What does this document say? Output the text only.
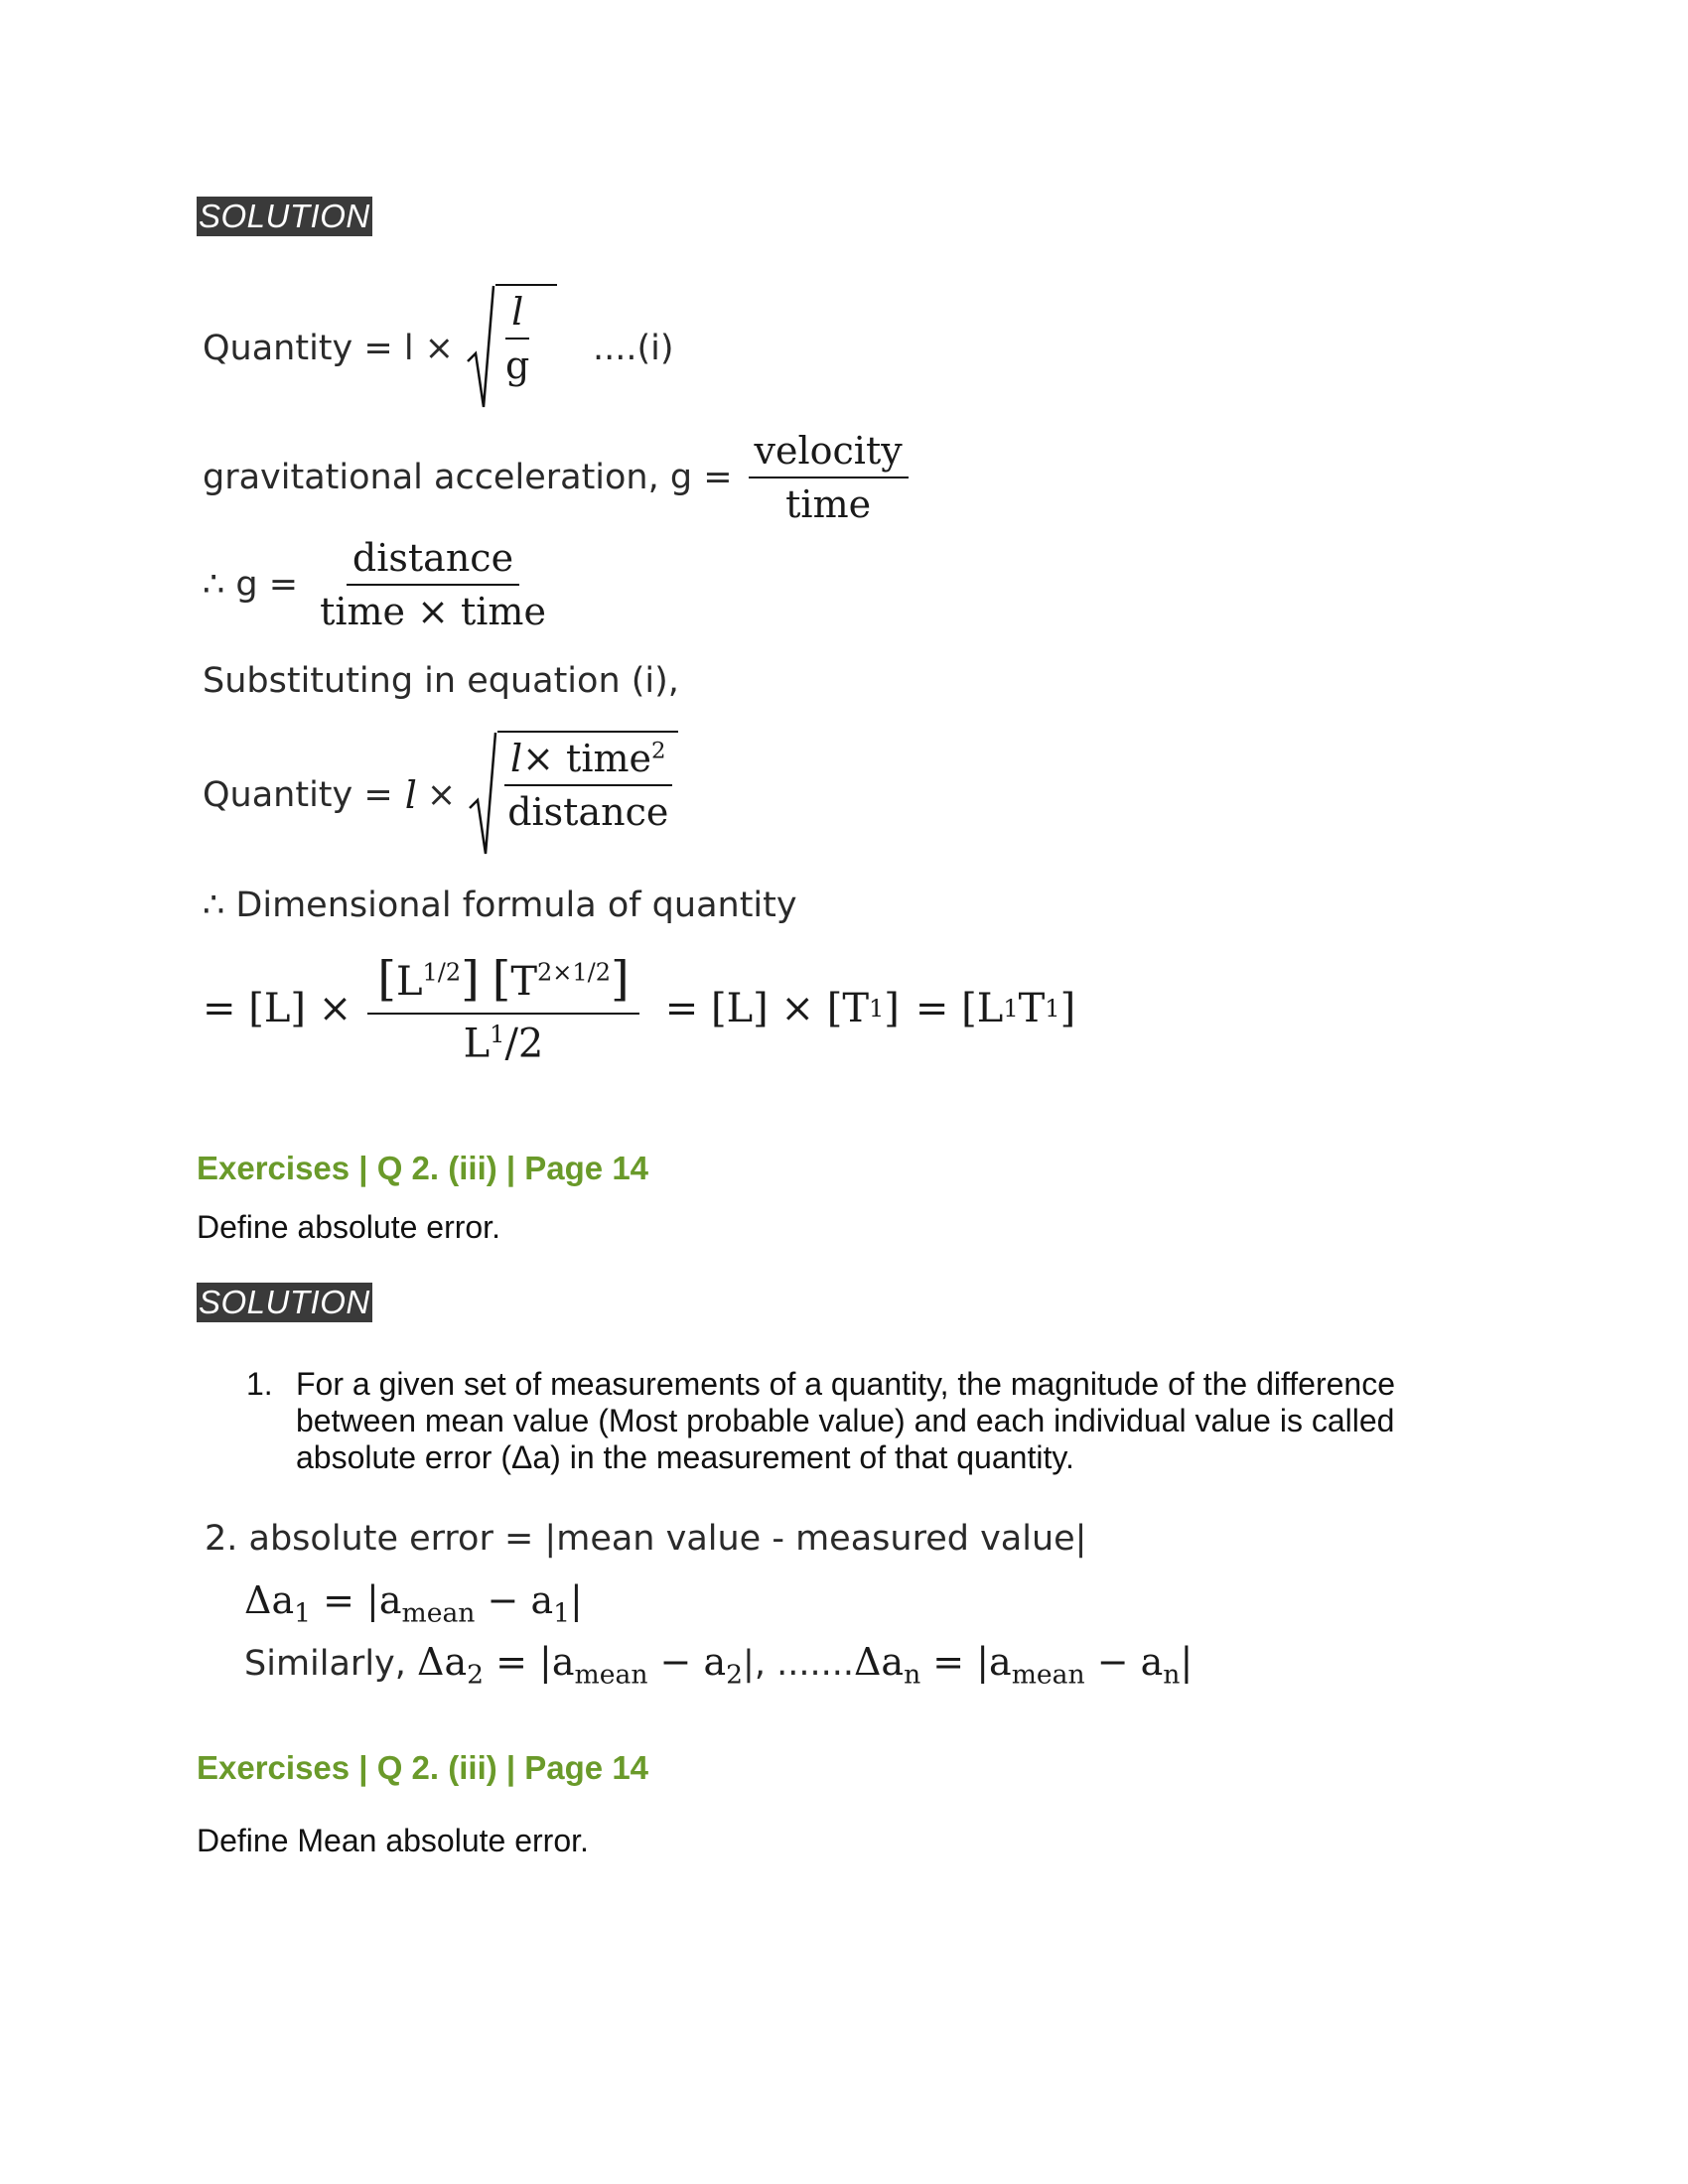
SOLUTION
Quantity = $l \times \frac{l}{g} ....(i)$
gravitational acceleration, $g = \frac{\text{velocity}}{\text{time}}$
∴ $g = \frac{\text{distance}}{\text{time × time}}$
Substituting in equation (i),
Quantity = $l \times \frac{l\times time^2}{\text{distance}}$
∴ Dimensional formula of quantity
= $[L] \times \frac{[L^{1/2}] [T^{2\times 1/2}]}{L^1/2} = [L] \times [T$ 1 ] = [L 1 T 1 ]
Exercises | Q 2. (iii) | Page 14
Define absolute error.
SOLUTION
1. For a given set of measurements of a quantity, the magnitude of the difference between mean value (Most probable value) and each individual value is called absolute error (Δa) in the measurement of that quantity.
2. absolute error = |mean value - measured value|
$\Delta a_1 = |a_{mean} - a_1|$
Similarly, $\Delta a_2 = |a_{mean} - a_2|$, $.......\Delta a_n = |a_{mean} - a_n|$
Exercises | Q 2. (iii) | Page 14
Define Mean absolute error.
